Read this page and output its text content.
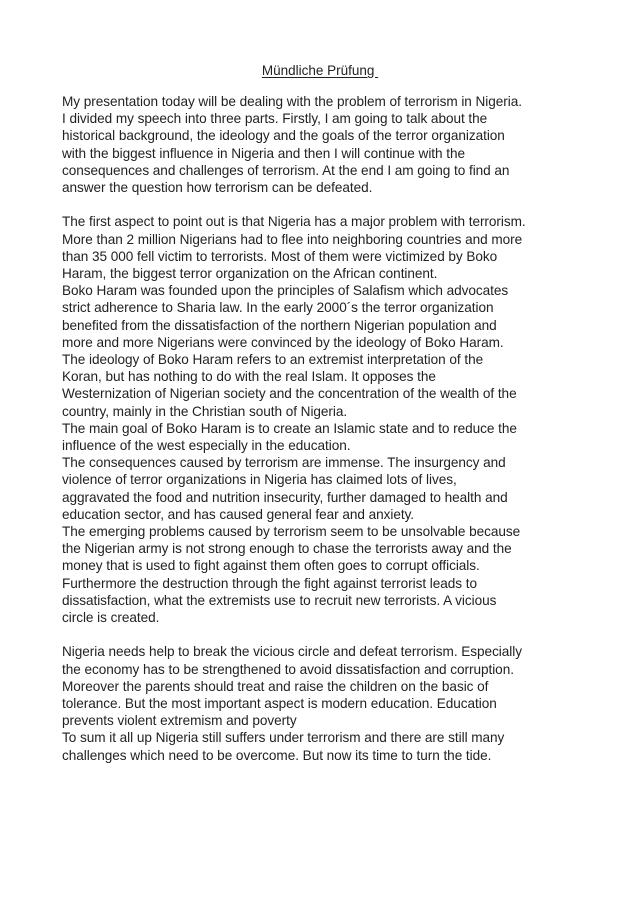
Mündliche Prüfung
My presentation today will be dealing with the problem of terrorism in Nigeria.
I divided my speech into three parts. Firstly, I am going to talk about the
historical background, the ideology and the goals of the terror organization
with the biggest influence in Nigeria and then I will continue with the
consequences and challenges of terrorism. At the end I am going to find an
answer the question how terrorism can be defeated.
The first aspect to point out is that Nigeria has a major problem with terrorism.
More than 2 million Nigerians had to flee into neighboring countries and more
than 35 000 fell victim to terrorists. Most of them were victimized by Boko
Haram, the biggest terror organization on the African continent.
Boko Haram was founded upon the principles of Salafism which advocates
strict adherence to Sharia law. In the early 2000´s the terror organization
benefited from the dissatisfaction of the northern Nigerian population and
more and more Nigerians were convinced by the ideology of Boko Haram.
The ideology of Boko Haram refers to an extremist interpretation of the
Koran, but has nothing to do with the real Islam. It opposes the
Westernization of Nigerian society and the concentration of the wealth of the
country, mainly in the Christian south of Nigeria.
The main goal of Boko Haram is to create an Islamic state and to reduce the
influence of the west especially in the education.
The consequences caused by terrorism are immense. The insurgency and
violence of terror organizations in Nigeria has claimed lots of lives,
aggravated the food and nutrition insecurity, further damaged to health and
education sector, and has caused general fear and anxiety.
The emerging problems caused by terrorism seem to be unsolvable because
the Nigerian army is not strong enough to chase the terrorists away and the
money that is used to fight against them often goes to corrupt officials.
Furthermore the destruction through the fight against terrorist leads to
dissatisfaction, what the extremists use to recruit new terrorists. A vicious
circle is created.
Nigeria needs help to break the vicious circle and defeat terrorism. Especially
the economy has to be strengthened to avoid dissatisfaction and corruption.
Moreover the parents should treat and raise the children on the basic of
tolerance. But the most important aspect is modern education. Education
prevents violent extremism and poverty
To sum it all up Nigeria still suffers under terrorism and there are still many
challenges which need to be overcome. But now its time to turn the tide.
